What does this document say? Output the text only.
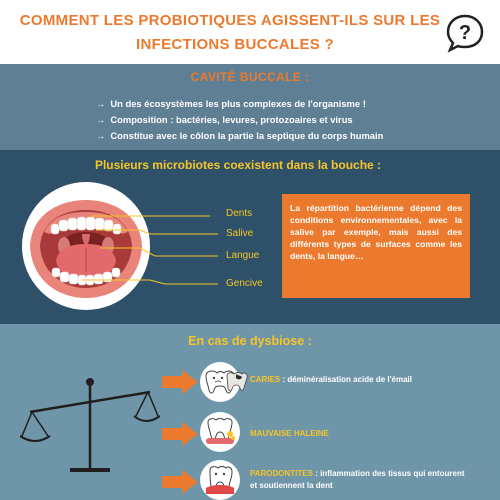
COMMENT LES PROBIOTIQUES AGISSENT-ILS SUR LES
INFECTIONS BUCCALES ?
?
CAVITÉ BUCCALE :
→ Un des écosystèmes les plus complexes de l'organisme !
→ Composition : bactéries, levures, protozoaires et virus
→ Constitue avec le côlon la partie la septique du corps humain
Plusieurs microbiotes coexistent dans la bouche :
Dents
Salive
Langue
Gencive
La répartition bactérienne dépend des conditions environnementales, avec la salive par exemple, mais aussi des différents types de surfaces comme les dents, la langue…
En cas de dysbiose :
CARIES : déminéralisation acide de l'émail
MAUVAISE HALEINE
PARODONTITES : inflammation des tissus qui entourent
et soutiennent la dent
